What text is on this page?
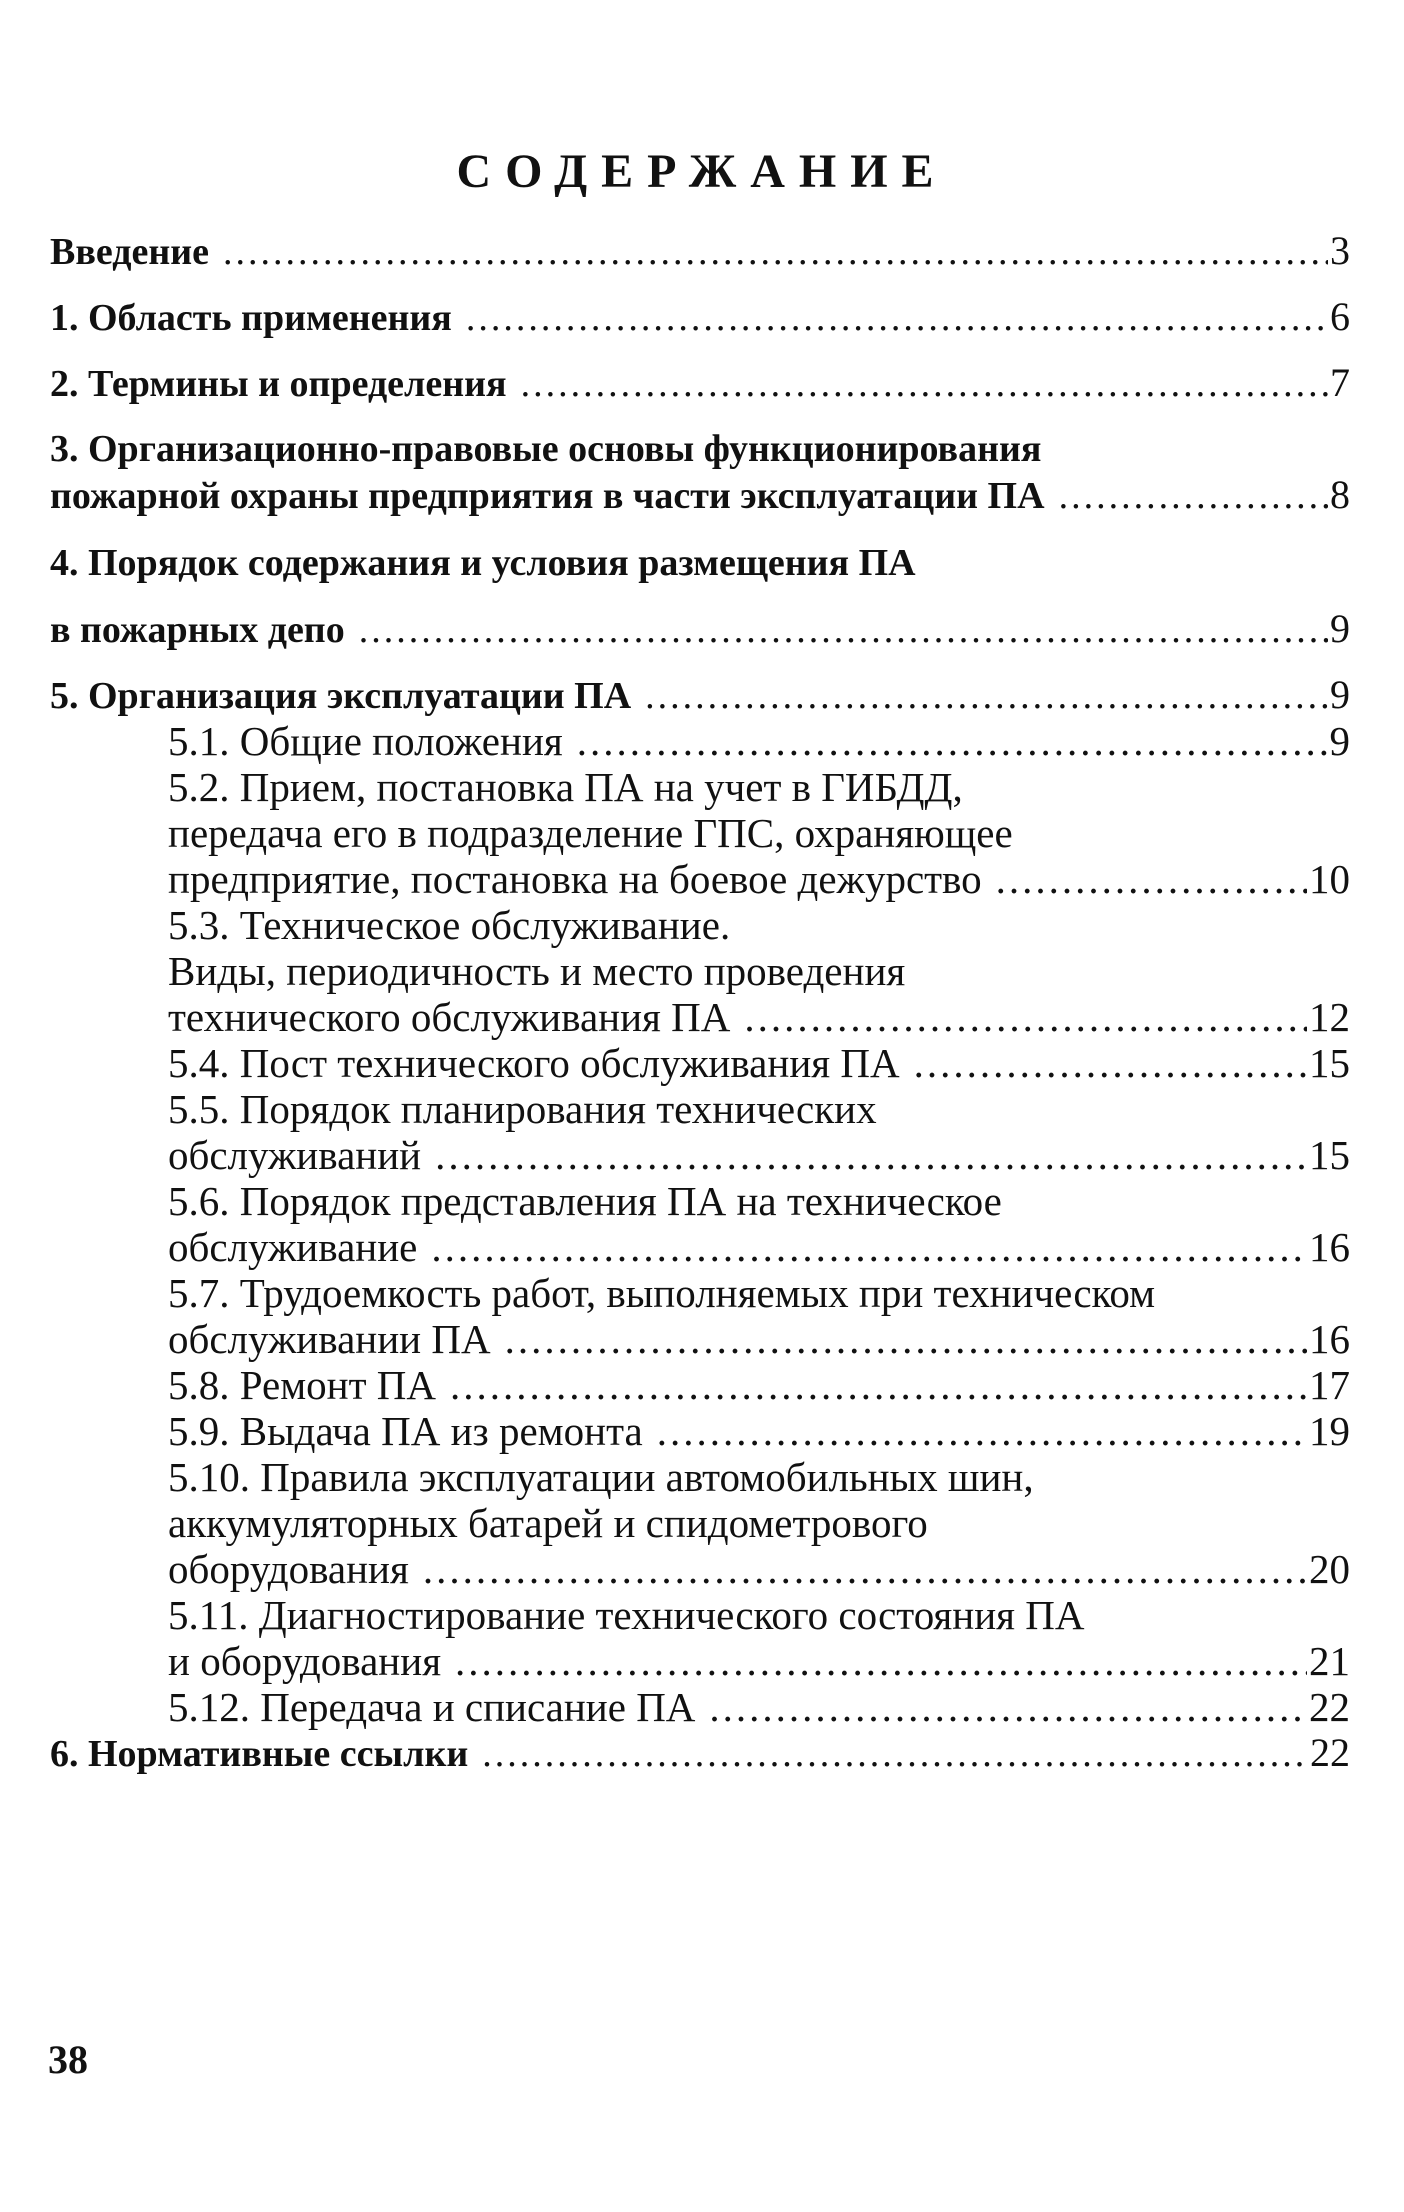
СОДЕРЖАНИЕ
Введение .....	3
1. Область применения .....	6
2. Термины и определения .....	7
3. Организационно-правовые основы функционирования
пожарной охраны предприятия в части эксплуатации ПА .....	8
4. Порядок содержания и условия размещения ПА
в пожарных депо .....	9
5. Организация эксплуатации ПА .....	9
5.1. Общие положения .....	9
5.2. Прием, постановка ПА на учет в ГИБДД,
передача его в подразделение ГПС, охраняющее
предприятие, постановка на боевое дежурство .....	10
5.3. Техническое обслуживание.
Виды, периодичность и место проведения
технического обслуживания ПА .....	12
5.4. Пост технического обслуживания ПА .....	15
5.5. Порядок планирования технических
обслуживаний .....	15
5.6. Порядок представления ПА на техническое
обслуживание .....	16
5.7. Трудоемкость работ, выполняемых при техническом
обслуживании ПА .....	16
5.8. Ремонт ПА .....	17
5.9. Выдача ПА из ремонта .....	19
5.10. Правила эксплуатации автомобильных шин,
аккумуляторных батарей и спидометрового
оборудования .....	20
5.11. Диагностирование технического состояния ПА
и оборудования .....	21
5.12. Передача и списание ПА .....	22
6. Нормативные ссылки .....	22
38
